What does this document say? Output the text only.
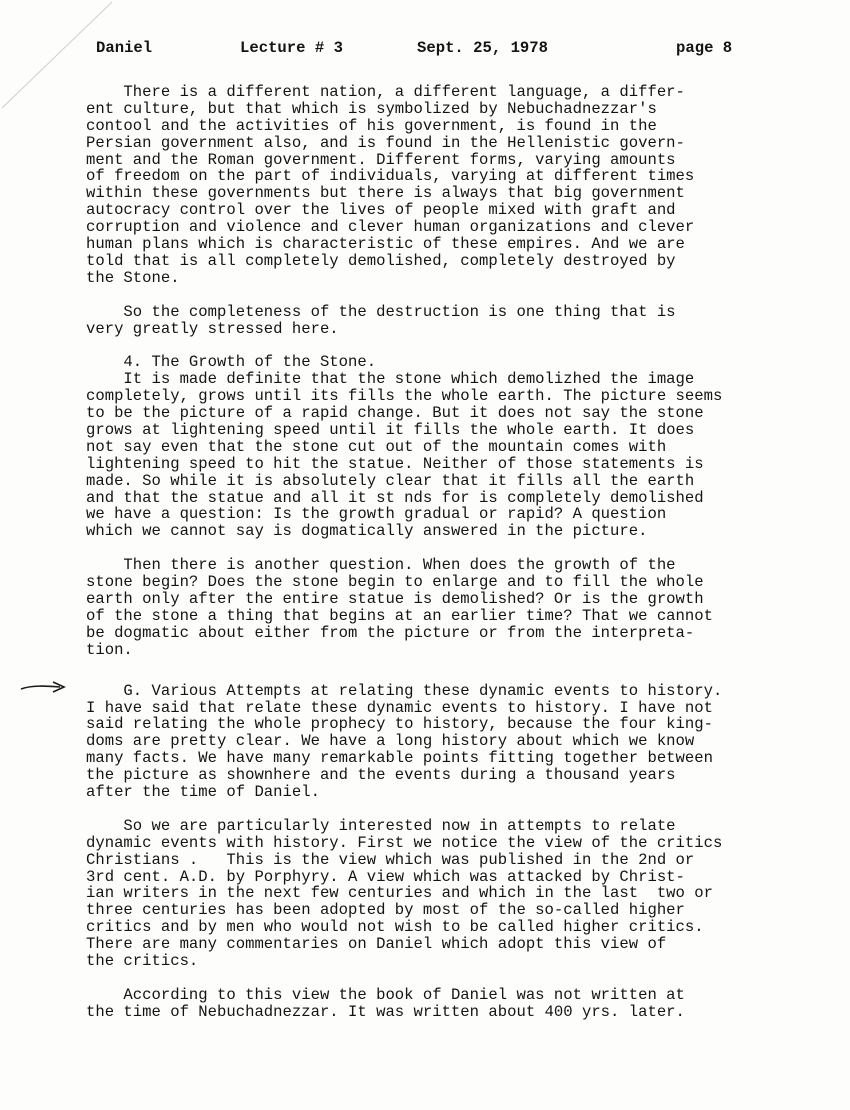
Daniel	Lecture # 3	Sept. 25, 1978	page 8
There is a different nation, a different language, a differ-
ent culture, but that which is symbolized by Nebuchadnezzar's
contool and the activities of his government, is found in the
Persian government also, and is found in the Hellenistic govern-
ment and the Roman government. Different forms, varying amounts
of freedom on the part of individuals, varying at different times
within these governments but there is always that big government
autocracy control over the lives of people mixed with graft and
corruption and violence and clever human organizations and clever
human plans which is characteristic of these empires. And we are
told that is all completely demolished, completely destroyed by
the Stone.
So the completeness of the destruction is one thing that is
very greatly stressed here.
4. The Growth of the Stone.
It is made definite that the stone which demolizhed the image
completely, grows until its fills the whole earth. The picture seems
to be the picture of a rapid change. But it does not say the stone
grows at lightening speed until it fills the whole earth. It does
not say even that the stone cut out of the mountain comes with
lightening speed to hit the statue. Neither of those statements is
made. So while it is absolutely clear that it fills all the earth
and that the statue and all it st nds for is completely demolished
we have a question: Is the growth gradual or rapid? A question
which we cannot say is dogmatically answered in the picture.
Then there is another question. When does the growth of the
stone begin? Does the stone begin to enlarge and to fill the whole
earth only after the entire statue is demolished? Or is the growth
of the stone a thing that begins at an earlier time? That we cannot
be dogmatic about either from the picture or from the interpreta-
tion.
G. Various Attempts at relating these dynamic events to history.
I have said that relate these dynamic events to history. I have not
said relating the whole prophecy to history, because the four king-
doms are pretty clear. We have a long history about which we know
many facts. We have many remarkable points fitting together between
the picture as shownhere and the events during a thousand years
after the time of Daniel.
So we are particularly interested now in attempts to relate
dynamic events with history. First we notice the view of the critics
Christians .   This is the view which was published in the 2nd or
3rd cent. A.D. by Porphyry. A view which was attacked by Christ-
ian writers in the next few centuries and which in the last  two or
three centuries has been adopted by most of the so-called higher
critics and by men who would not wish to be called higher critics.
There are many commentaries on Daniel which adopt this view of
the critics.
According to this view the book of Daniel was not written at
the time of Nebuchadnezzar. It was written about 400 yrs. later.
